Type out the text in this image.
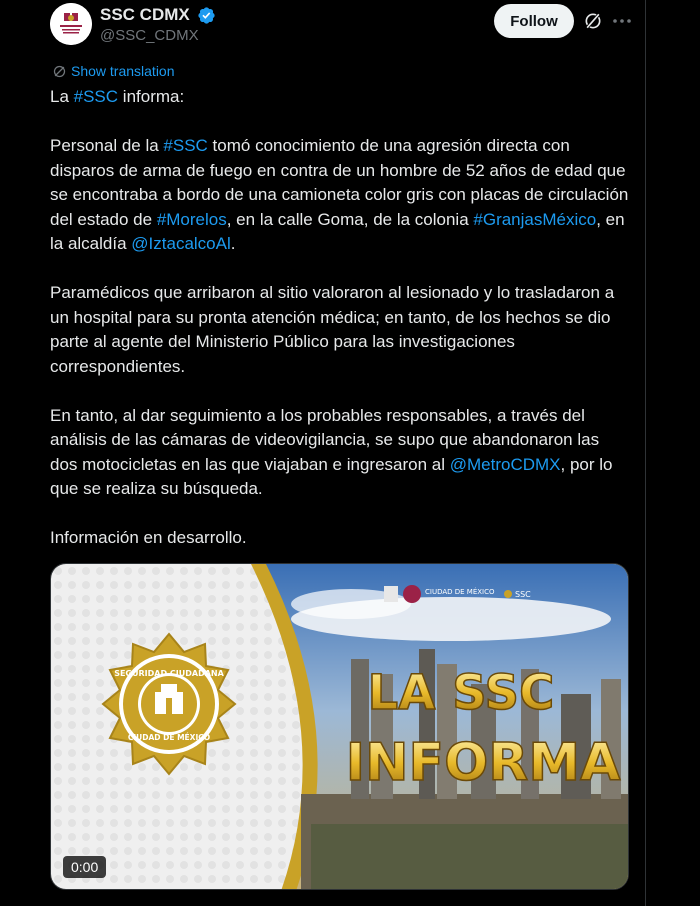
SSC CDMX
@SSC_CDMX
Follow
Show translation
La #SSC informa:

Personal de la #SSC tomó conocimiento de una agresión directa con disparos de arma de fuego en contra de un hombre de 52 años de edad que se encontraba a bordo de una camioneta color gris con placas de circulación del estado de #Morelos, en la calle Goma, de la colonia #GranjasMéxico, en la alcaldía @IztacalcoAl.

Paramédicos que arribaron al sitio valoraron al lesionado y lo trasladaron a un hospital para su pronta atención médica; en tanto, de los hechos se dio parte al agente del Ministerio Público para las investigaciones correspondientes.

En tanto, al dar seguimiento a los probables responsables, a través del análisis de las cámaras de videovigilancia, se supo que abandonaron las dos motocicletas en las que viajaban e ingresaron al @MetroCDMX, por lo que se realiza su búsqueda.

Información en desarrollo.
LA SSC
INFORMA
CIUDAD DE MÉXICO	SSC
SEGURIDAD CIUDADANA
CIUDAD DE MÉXICO
0:00
